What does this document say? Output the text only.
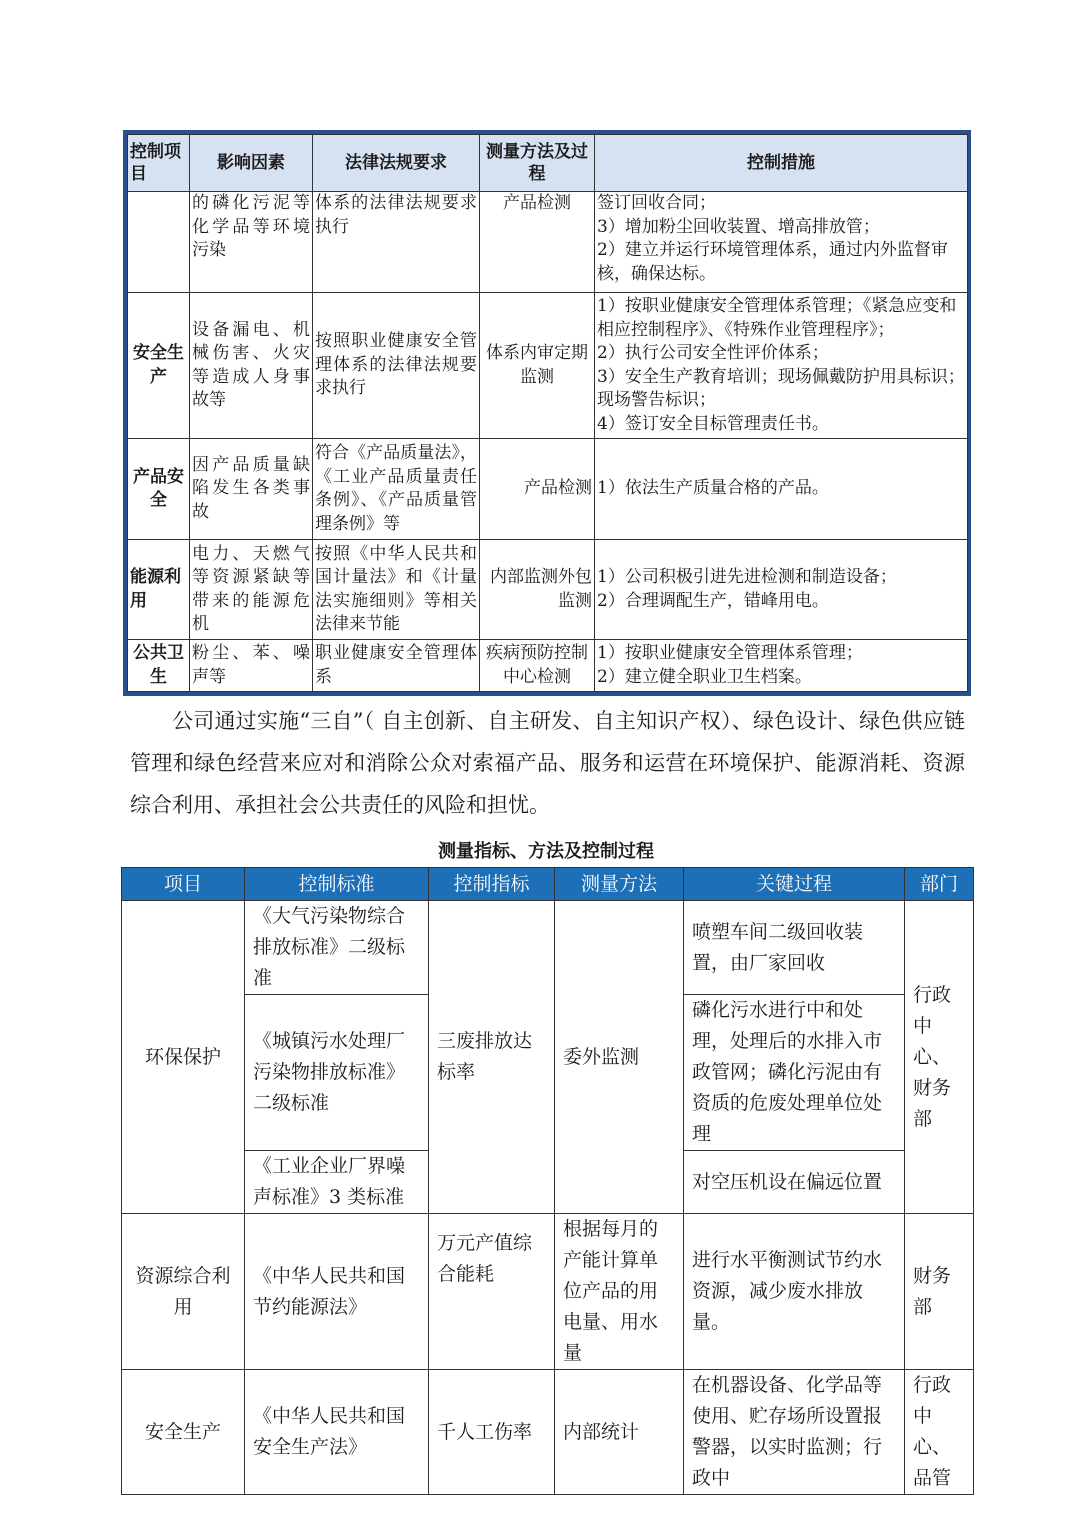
控制项目	影响因素	法律法规要求	测量方法及过程	控制措施
	的磷化污泥等化学品等环境污染	体系的法律法规要求执行	产品检测	签订回收合同；
3）增加粉尘回收装置、增高排放管；
2）建立并运行环境管理体系，通过内外监督审核，确保达标。

安全生产	设备漏电、机械伤害、火灾等造成人身事故等	按照职业健康安全管理体系的法律法规要求执行	体系内审定期监测	1）按职业健康安全管理体系管理；《紧急应变和相应控制程序》、《特殊作业管理程序》；
2）执行公司安全性评价体系；
3）安全生产教育培训；现场佩戴防护用具标识；现场警告标识；
4）签订安全目标管理责任书。

产品安全	因产品质量缺陷发生各类事故	符合《产品质量法》，《工业产品质量责任条例》、《产品质量管理条例》等	产品检测	1）依法生产质量合格的产品。

能源利用	电力、天燃气等资源紧缺等带来的能源危机	按照《中华人民共和国计量法》和《计量法实施细则》等相关法律来节能	内部监测外包监测	1）公司积极引进先进检测和制造设备；
2）合理调配生产，错峰用电。

公共卫生	粉尘、苯、噪声等	职业健康安全管理体系	疾病预防控制中心检测	1）按职业健康安全管理体系管理；
2）建立健全职业卫生档案。

公司通过实施“三自”（ 自主创新、自主研发、自主知识产权）、绿色设计、绿色供应链管理和绿色经营来应对和消除公众对索福产品、服务和运营在环境保护、能源消耗、资源综合利用、承担社会公共责任的风险和担忧。

测量指标、方法及控制过程
项目	控制标准	控制指标	测量方法	关键过程	部门
环保保护	《大气污染物综合排放标准》二级标准	三废排放达标率	委外监测	喷塑车间二级回收装置，由厂家回收	行政中心、财务部
	《城镇污水处理厂污染物排放标准》二级标准			磷化污水进行中和处理，处理后的水排入市政管网；磷化污泥由有资质的危废处理单位处理	
	《工业企业厂界噪声标准》3 类标准			对空压机设在偏远位置	
资源综合利用	《中华人民共和国节约能源法》	万元产值综合能耗	根据每月的产能计算单位产品的用电量、用水量	进行水平衡测试节约水资源，减少废水排放量。	财务部
安全生产	《中华人民共和国安全生产法》	千人工伤率	内部统计	在机器设备、化学品等使用、贮存场所设置报警器，以实时监测；行政中	行政中心、品管
